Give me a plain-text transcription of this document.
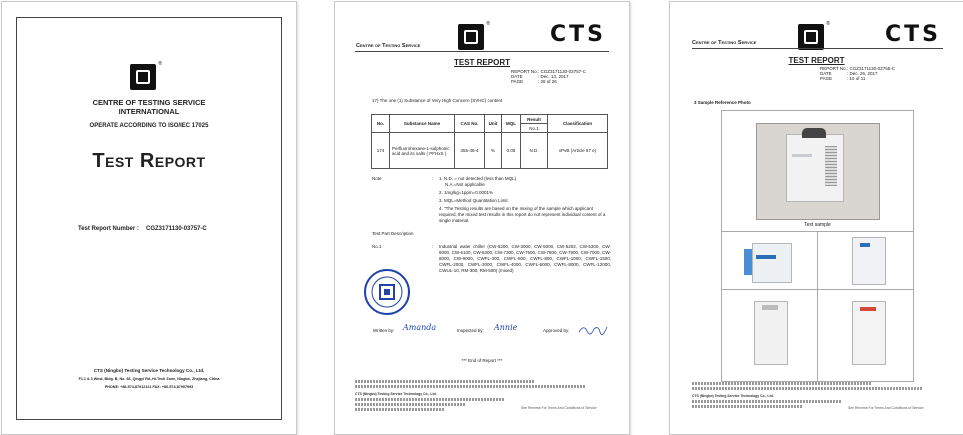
®
CENTRE OF TESTING SERVICE
INTERNATIONAL
OPERATE ACCORDING TO ISO/IEC 17025
Test Report
Test Report Number : CGZ3171130-03757-C
CTS (Ningbo) Testing Service Technology Co., Ltd.
F1.1 & 3 West, Bldg. B, No. 66, Qingyi Rd.,Hi-Tech Zone, Ningbo, Zhejiang, China
PHONE: +86-574-87912121 FAX: +86-574-87907993
®	CTS
Centre of Testing Service
TEST REPORT
REPORT No.: CGZ3171130-03757-C
DATE	: Dec. 13, 2017
PAGE	: 26 of 26
17) The one (1) Substance of Very High Concern (SVHC) content
No.	Substance Name	CAS No.	Unit	MQL	Result	Classification
					No.1	
174	Perfluorohexane-1-sulphonic acid and its salts ( PFHxS )	355-46-4	%	0.05	N.D.	vPvB (Article 57 e)
Note	: 1. N.D. = not detected (less than MQL)
N.A.=Not applicable
2. 1mg/kg=1ppm=0.0001%
3. MQL=Method Quantitation Limit
4. "The Testing results are based on the mixing of the sample which applicant required, the mixed test results in this report do not represent individual content of a single material.
Test Part Description
No.1	: Industrial water chiller (CW-5200, CW-3000, CW-5000, CW-5202, CW-5300, CW-6000, CW-6100, CW-6300, CW-7300, CW-7500, CW-7800, CW-7900, CW-7000, CW-8000, CW-9000, CWFL-300, CWFL-500, CWFL-800, CWFL-1000, CWFL-1500, CWFL-2000, CWFL-3000, CWFL-4000, CWFL-6000, CWFL-8000, CWFL-12000, CWUL-10, RM-300, RM-500) (mixed)
Written by: Amanda	Inspected by: Annie	Approved by:
*** End of Report ***
CTS (Ningbo) Testing Service Technology Co., Ltd.
See Reverse For Terms And Conditions of Service
®	CTS
Centre of Testing Service
TEST REPORT
REPORT No.: CGZ3171130-03755-C
DATE	: Dec. 26, 2017
PAGE	: 10 of 11
3 Sample Reference Photo
Test sample
CTS (Ningbo) Testing Service Technology Co., Ltd.
See Reverse For Terms And Conditions of Service
